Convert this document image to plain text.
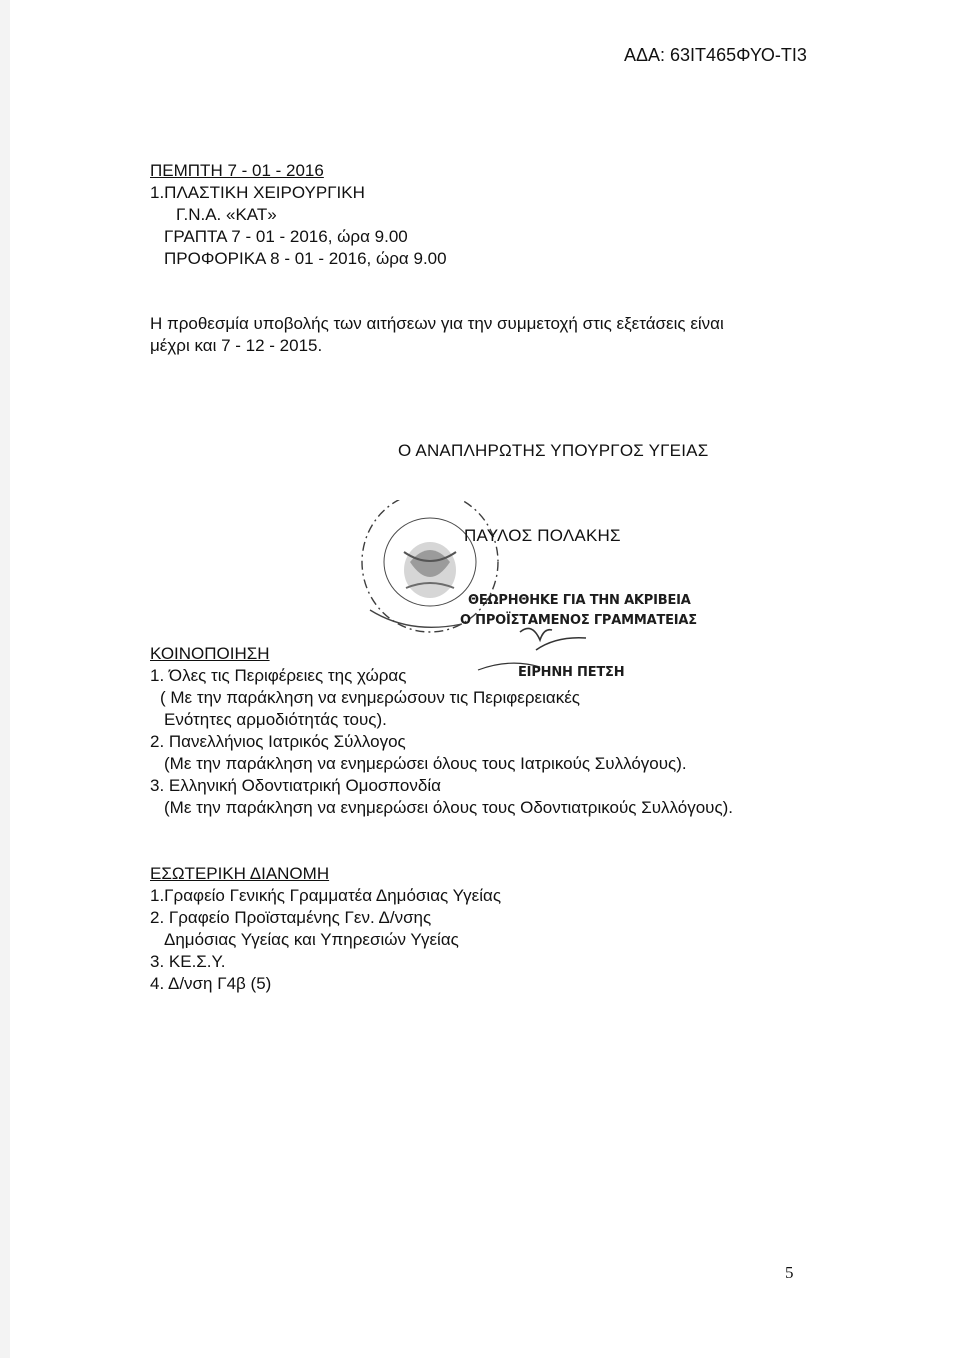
ΑΔΑ: 63ΙΤ465ΦΥΟ-ΤΙ3
ΠΕΜΠΤΗ 7 - 01 - 2016
1.ΠΛΑΣΤΙΚΗ ΧΕΙΡΟΥΡΓΙΚΗ
Γ.Ν.Α. «ΚΑΤ»
ΓΡΑΠΤΑ 7 - 01 - 2016, ώρα 9.00
ΠΡΟΦΟΡΙΚΑ 8 - 01 - 2016, ώρα 9.00
Η προθεσμία υποβολής των αιτήσεων για την συμμετοχή στις εξετάσεις είναι
μέχρι και 7 - 12 - 2015.
Ο ΑΝΑΠΛΗΡΩΤΗΣ ΥΠΟΥΡΓΟΣ ΥΓΕΙΑΣ
ΘΕΩΡΗΘΗΚΕ ΓΙΑ ΤΗΝ ΑΚΡΙΒΕΙΑ
Ο ΠΡΟΪΣΤΑΜΕΝΟΣ ΓΡΑΜΜΑΤΕΙΑΣ
ΕΙΡΗΝΗ ΠΕΤΣΗ
ΠΑΥΛΟΣ ΠΟΛΑΚΗΣ
ΚΟΙΝΟΠΟΙΗΣΗ
1. Όλες τις Περιφέρειες της χώρας
( Με την παράκληση να ενημερώσουν τις Περιφερειακές
Ενότητες αρμοδιότητάς τους).
2. Πανελλήνιος Ιατρικός Σύλλογος
(Με την παράκληση να ενημερώσει όλους τους Ιατρικούς Συλλόγους).
3. Ελληνική Οδοντιατρική Ομοσπονδία
(Με την παράκληση να ενημερώσει όλους τους Οδοντιατρικούς Συλλόγους).
ΕΣΩΤΕΡΙΚΗ ΔΙΑΝΟΜΗ
1.Γραφείο Γενικής Γραμματέα Δημόσιας Υγείας
2. Γραφείο Προϊσταμένης Γεν. Δ/νσης
Δημόσιας Υγείας και Υπηρεσιών Υγείας
3. ΚΕ.Σ.Υ.
4. Δ/νση Γ4β (5)
5
